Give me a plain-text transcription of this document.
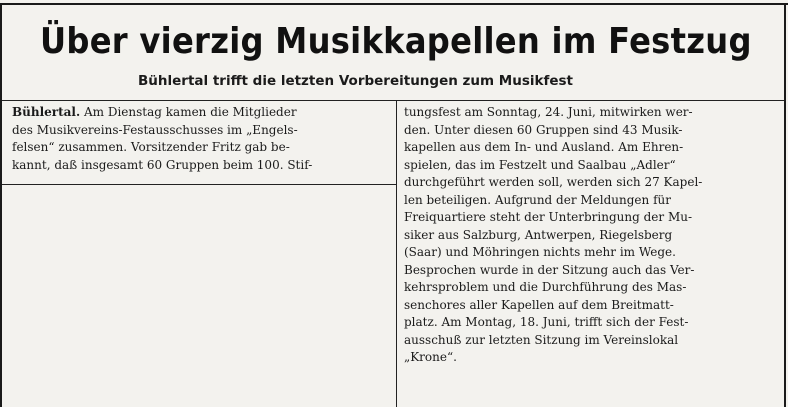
Über vierzig Musikkapellen im Festzug
Bühlertal trifft die letzten Vorbereitungen zum Musikfest
Bühlertal. Am Dienstag kamen die Mitglieder
des Musikvereins-Festausschusses im „Engels-
felsen“ zusammen. Vorsitzender Fritz gab be-
kannt, daß insgesamt 60 Gruppen beim 100. Stif-
tungsfest am Sonntag, 24. Juni, mitwirken wer-
den. Unter diesen 60 Gruppen sind 43 Musik-
kapellen aus dem In- und Ausland. Am Ehren-
spielen, das im Festzelt und Saalbau „Adler“
durchgeführt werden soll, werden sich 27 Kapel-
len beteiligen. Aufgrund der Meldungen für
Freiquartiere steht der Unterbringung der Mu-
siker aus Salzburg, Antwerpen, Riegelsberg
(Saar) und Möhringen nichts mehr im Wege.
Besprochen wurde in der Sitzung auch das Ver-
kehrsproblem und die Durchführung des Mas-
senchores aller Kapellen auf dem Breitmatt-
platz. Am Montag, 18. Juni, trifft sich der Fest-
ausschuß zur letzten Sitzung im Vereinslokal
„Krone“.
